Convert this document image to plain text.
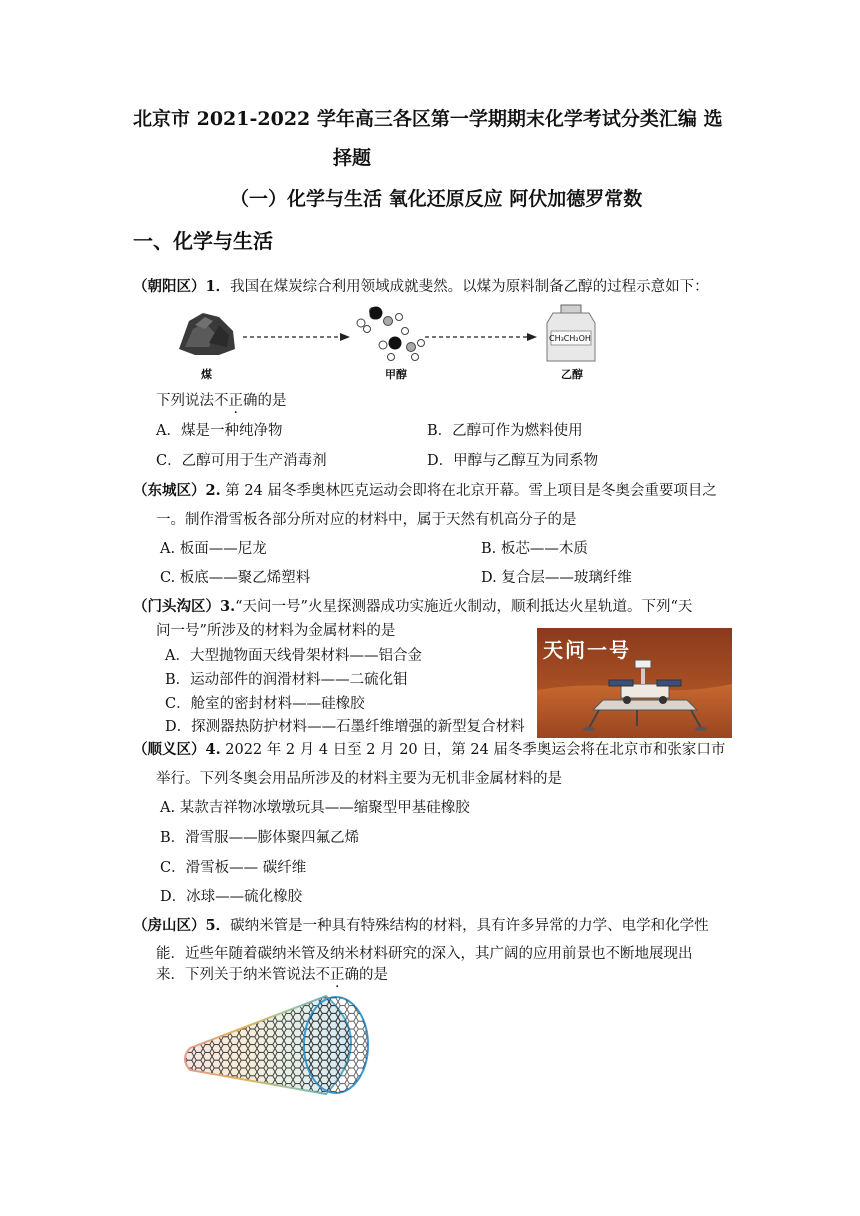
北京市 2021-2022 学年高三各区第一学期期末化学考试分类汇编 选
择题
（一）化学与生活 氧化还原反应 阿伏加德罗常数
一、化学与生活
（朝阳区）1．我国在煤炭综合利用领域成就斐然。以煤为原料制备乙醇的过程示意如下：
CH₃CH₂OH
煤	甲醇	乙醇
下列说法不正确的是
A．煤是一种纯净物	B．乙醇可作为燃料使用
C．乙醇可用于生产消毒剂	D．甲醇与乙醇互为同系物
（东城区）2. 第 24 届冬季奥林匹克运动会即将在北京开幕。雪上项目是冬奥会重要项目之
一。制作滑雪板各部分所对应的材料中，属于天然有机高分子的是
A. 板面——尼龙	B. 板芯——木质
C. 板底——聚乙烯塑料	D. 复合层——玻璃纤维
（门头沟区）3.“天问一号”火星探测器成功实施近火制动，顺利抵达火星轨道。下列“天
问一号”所涉及的材料为金属材料的是
A．大型抛物面天线骨架材料——铝合金
B．运动部件的润滑材料——二硫化钼
C．舱室的密封材料——硅橡胶
D．探测器热防护材料——石墨纤维增强的新型复合材料
天问一号
（顺义区）4. 2022 年 2 月 4 日至 2 月 20 日，第 24 届冬季奥运会将在北京市和张家口市
举行。下列冬奥会用品所涉及的材料主要为无机非金属材料的是
A. 某款吉祥物冰墩墩玩具——缩聚型甲基硅橡胶
B．滑雪服——膨体聚四氟乙烯
C．滑雪板—— 碳纤维
D．冰球——硫化橡胶
（房山区）5．碳纳米管是一种具有特殊结构的材料，具有许多异常的力学、电学和化学性
能．近些年随着碳纳米管及纳米材料研究的深入，其广阔的应用前景也不断地展现出
来．下列关于纳米管说法不正确的是
